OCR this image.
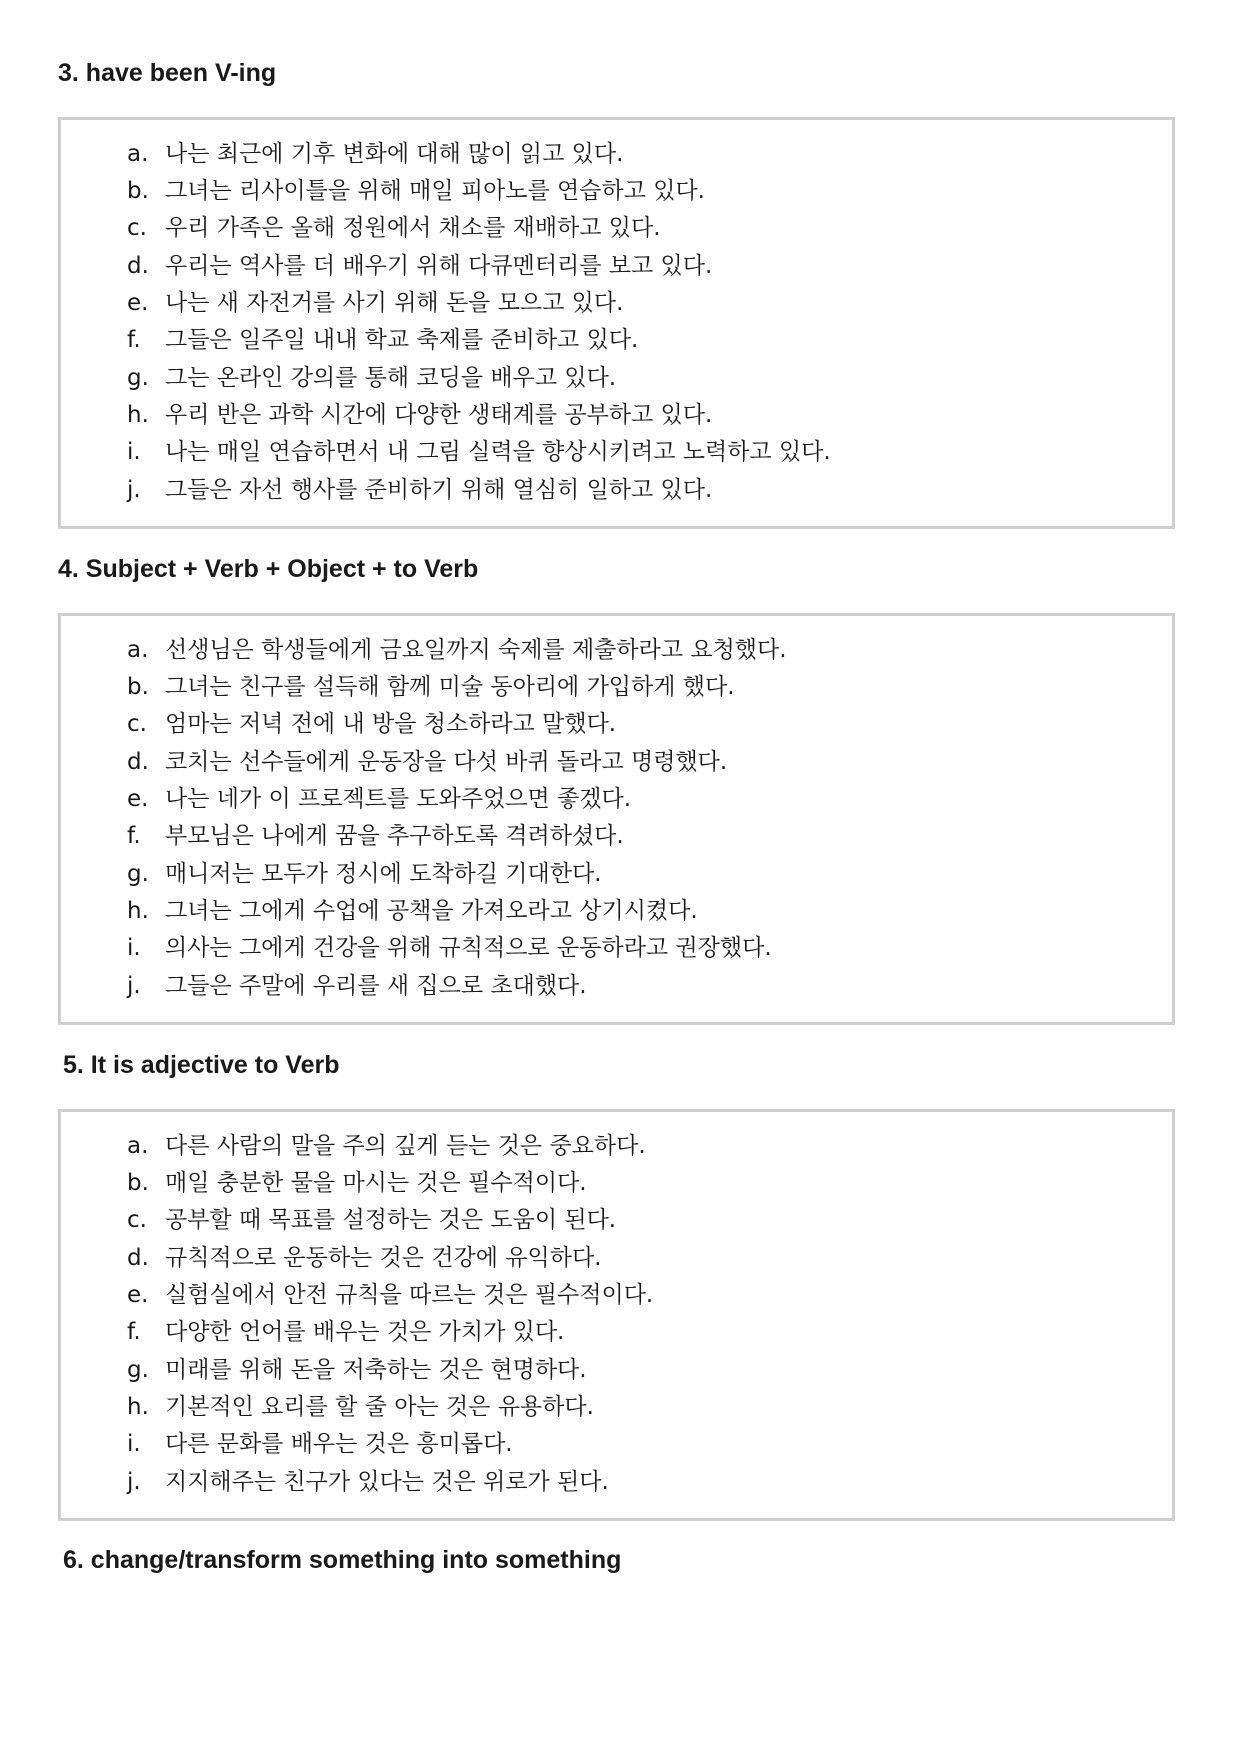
3. have been V-ing
a. 나는 최근에 기후 변화에 대해 많이 읽고 있다.
b. 그녀는 리사이틀을 위해 매일 피아노를 연습하고 있다.
c. 우리 가족은 올해 정원에서 채소를 재배하고 있다.
d. 우리는 역사를 더 배우기 위해 다큐멘터리를 보고 있다.
e. 나는 새 자전거를 사기 위해 돈을 모으고 있다.
f. 그들은 일주일 내내 학교 축제를 준비하고 있다.
g. 그는 온라인 강의를 통해 코딩을 배우고 있다.
h. 우리 반은 과학 시간에 다양한 생태계를 공부하고 있다.
i. 나는 매일 연습하면서 내 그림 실력을 향상시키려고 노력하고 있다.
j. 그들은 자선 행사를 준비하기 위해 열심히 일하고 있다.
4. Subject + Verb + Object + to Verb
a. 선생님은 학생들에게 금요일까지 숙제를 제출하라고 요청했다.
b. 그녀는 친구를 설득해 함께 미술 동아리에 가입하게 했다.
c. 엄마는 저녁 전에 내 방을 청소하라고 말했다.
d. 코치는 선수들에게 운동장을 다섯 바퀴 돌라고 명령했다.
e. 나는 네가 이 프로젝트를 도와주었으면 좋겠다.
f. 부모님은 나에게 꿈을 추구하도록 격려하셨다.
g. 매니저는 모두가 정시에 도착하길 기대한다.
h. 그녀는 그에게 수업에 공책을 가져오라고 상기시켰다.
i. 의사는 그에게 건강을 위해 규칙적으로 운동하라고 권장했다.
j. 그들은 주말에 우리를 새 집으로 초대했다.
5. It is adjective to Verb
a. 다른 사람의 말을 주의 깊게 듣는 것은 중요하다.
b. 매일 충분한 물을 마시는 것은 필수적이다.
c. 공부할 때 목표를 설정하는 것은 도움이 된다.
d. 규칙적으로 운동하는 것은 건강에 유익하다.
e. 실험실에서 안전 규칙을 따르는 것은 필수적이다.
f. 다양한 언어를 배우는 것은 가치가 있다.
g. 미래를 위해 돈을 저축하는 것은 현명하다.
h. 기본적인 요리를 할 줄 아는 것은 유용하다.
i. 다른 문화를 배우는 것은 흥미롭다.
j. 지지해주는 친구가 있다는 것은 위로가 된다.
6. change/transform something into something
